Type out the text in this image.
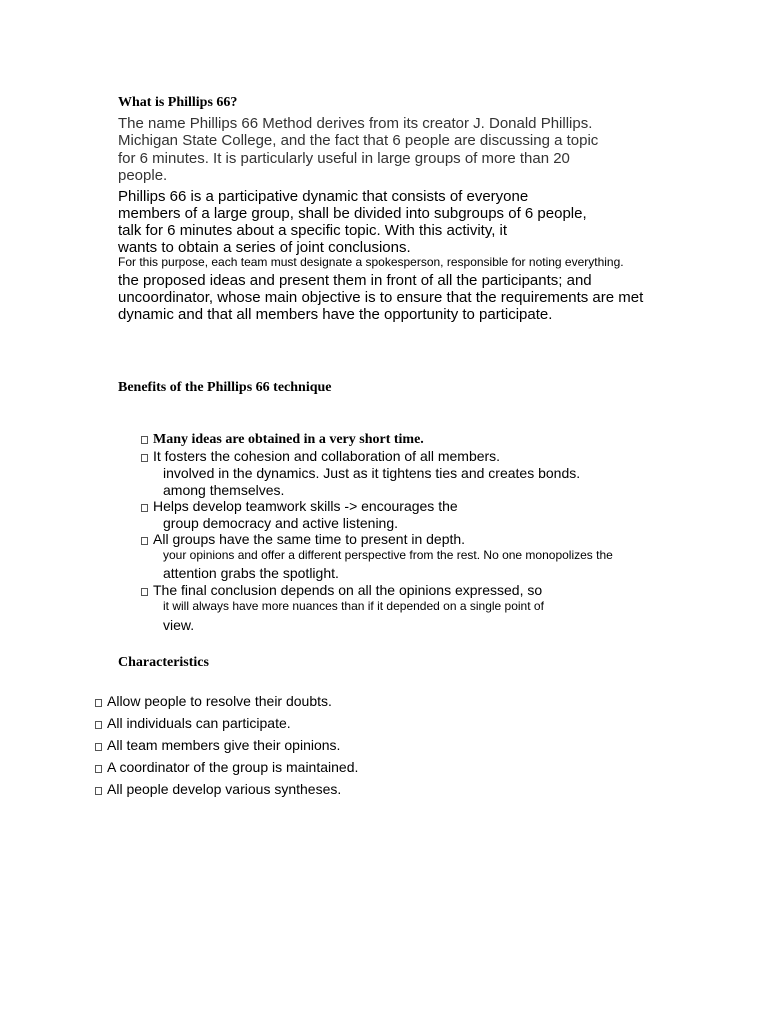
What is Phillips 66?
The name Phillips 66 Method derives from its creator J. Donald Phillips.
Michigan State College, and the fact that 6 people are discussing a topic
for 6 minutes. It is particularly useful in large groups of more than 20
people.
Phillips 66 is a participative dynamic that consists of everyone
members of a large group, shall be divided into subgroups of 6 people,
talk for 6 minutes about a specific topic. With this activity, it
wants to obtain a series of joint conclusions.
For this purpose, each team must designate a spokesperson, responsible for noting everything.
the proposed ideas and present them in front of all the participants; and
uncoordinator, whose main objective is to ensure that the requirements are met
dynamic and that all members have the opportunity to participate.
Benefits of the Phillips 66 technique
Many ideas are obtained in a very short time.
It fosters the cohesion and collaboration of all members.
involved in the dynamics. Just as it tightens ties and creates bonds.
among themselves.
Helps develop teamwork skills -> encourages the
group democracy and active listening.
All groups have the same time to present in depth.
your opinions and offer a different perspective from the rest. No one monopolizes the
attention grabs the spotlight.
The final conclusion depends on all the opinions expressed, so
it will always have more nuances than if it depended on a single point of
view.
Characteristics
Allow people to resolve their doubts.
All individuals can participate.
All team members give their opinions.
A coordinator of the group is maintained.
All people develop various syntheses.
